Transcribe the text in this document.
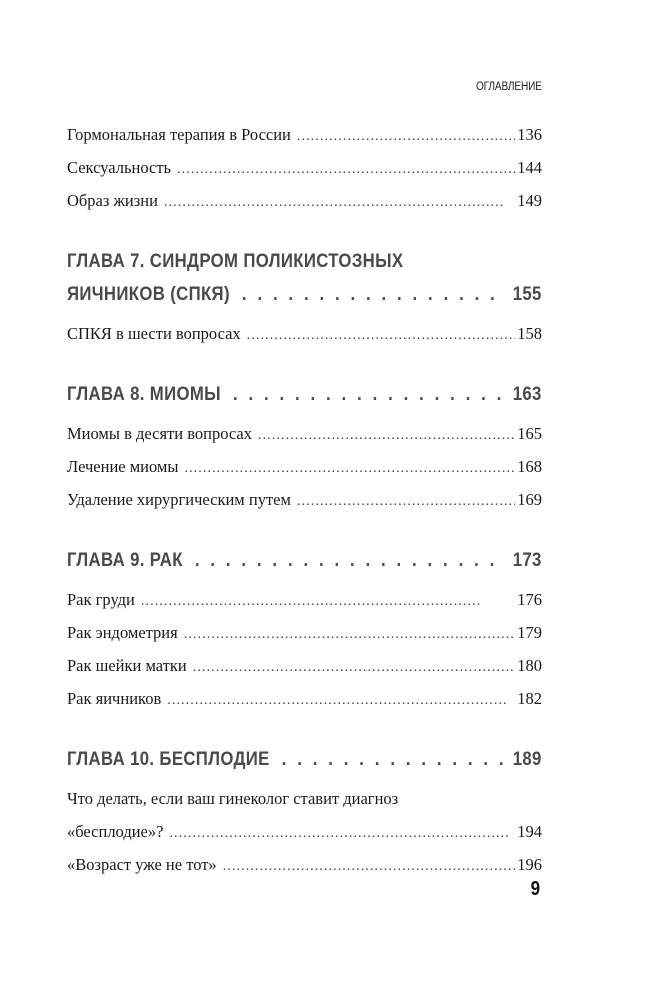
ОГЛАВЛЕНИЕ
Гормональная терапия в России . . .	136
Сексуальность . . .	144
Образ жизни . . .	149
ГЛАВА 7. СИНДРОМ ПОЛИКИСТОЗНЫХ
ЯИЧНИКОВ (СПКЯ) . . .	155
СПКЯ в шести вопросах . . .	158
ГЛАВА 8. МИОМЫ . . .	163
Миомы в десяти вопросах . . .	165
Лечение миомы . . .	168
Удаление хирургическим путем . . .	169
ГЛАВА 9. РАК . . .	173
Рак груди . . .	176
Рак эндометрия . . .	179
Рак шейки матки . . .	180
Рак яичников . . .	182
ГЛАВА 10. БЕСПЛОДИЕ . . .	189
Что делать, если ваш гинеколог ставит диагноз
«бесплодие»? . . .	194
«Возраст уже не тот» . . .	196
9
